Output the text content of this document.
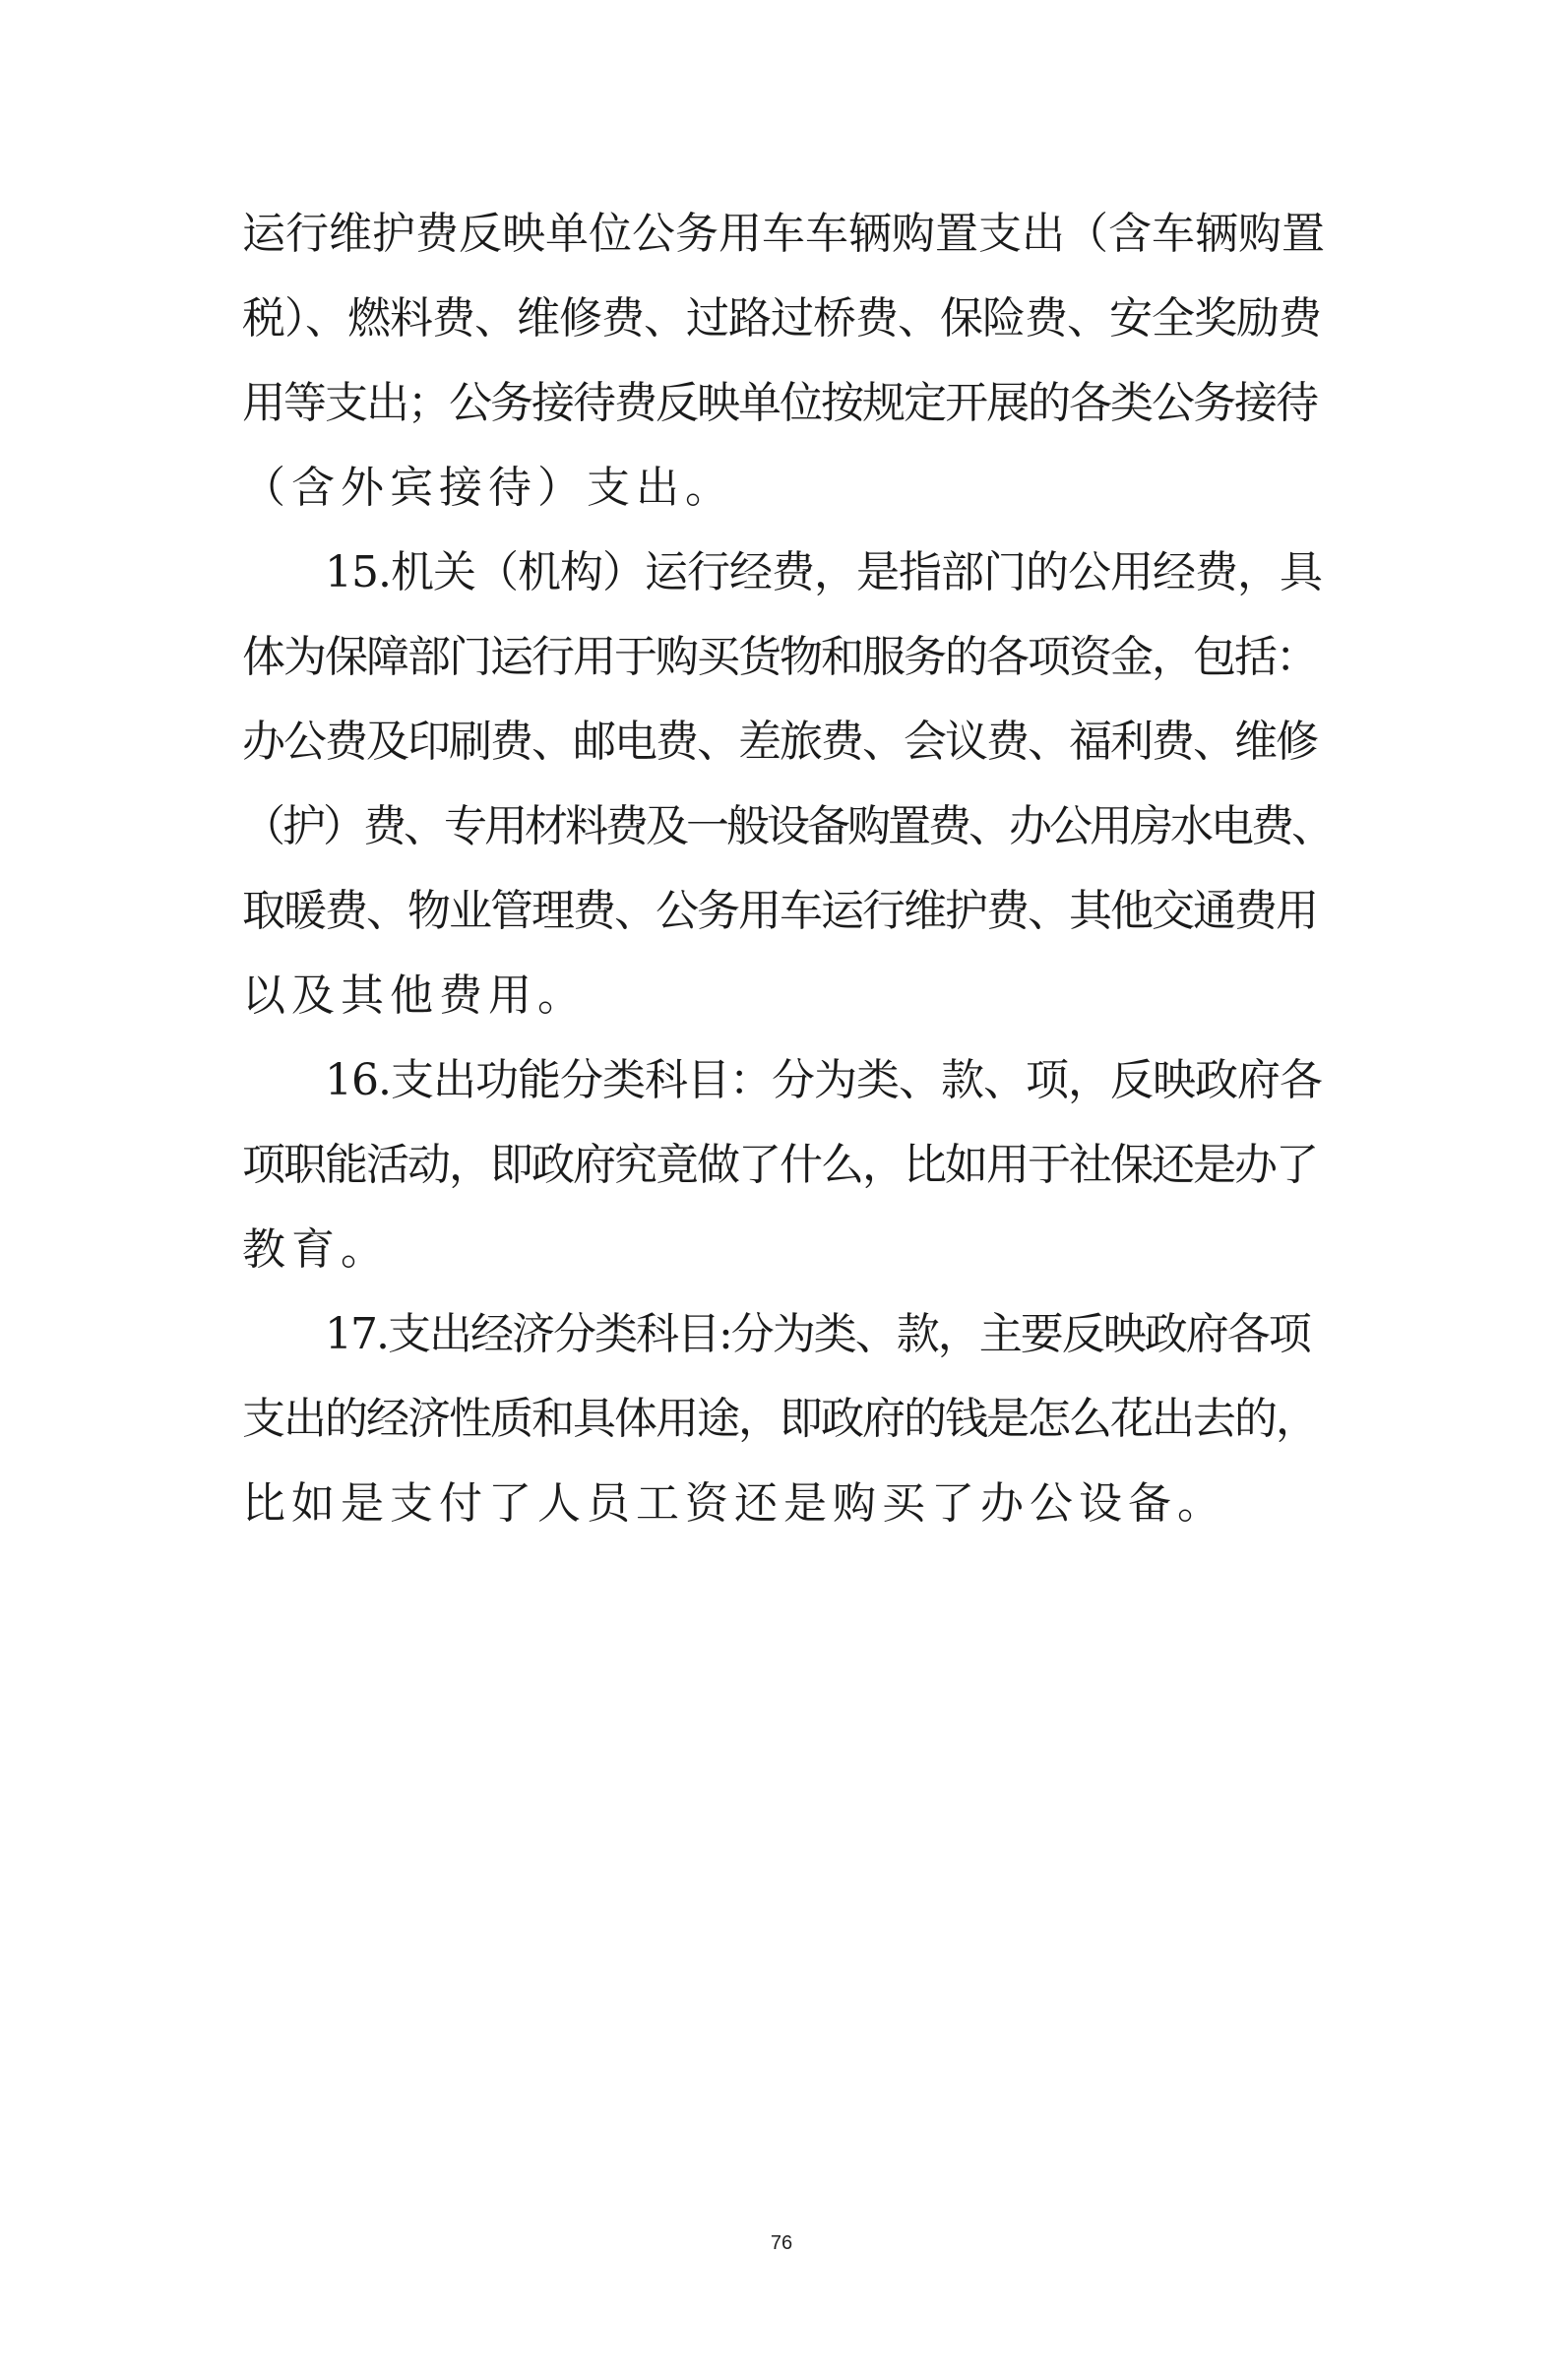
运行维护费反映单位公务用车车辆购置支出（含车辆购置
税）、燃料费、维修费、过路过桥费、保险费、安全奖励费
用等支出；公务接待费反映单位按规定开展的各类公务接待
（含外宾接待）支出。
15.机关（机构）运行经费，是指部门的公用经费，具
体为保障部门运行用于购买货物和服务的各项资金，包括：
办公费及印刷费、邮电费、差旅费、会议费、福利费、维修
（护）费、专用材料费及一般设备购置费、办公用房水电费、
取暖费、物业管理费、公务用车运行维护费、其他交通费用
以及其他费用。
16.支出功能分类科目：分为类、款、项，反映政府各
项职能活动，即政府究竟做了什么，比如用于社保还是办了
教育。
17.支出经济分类科目:分为类、款，主要反映政府各项
支出的经济性质和具体用途，即政府的钱是怎么花出去的，
比如是支付了人员工资还是购买了办公设备。
76
